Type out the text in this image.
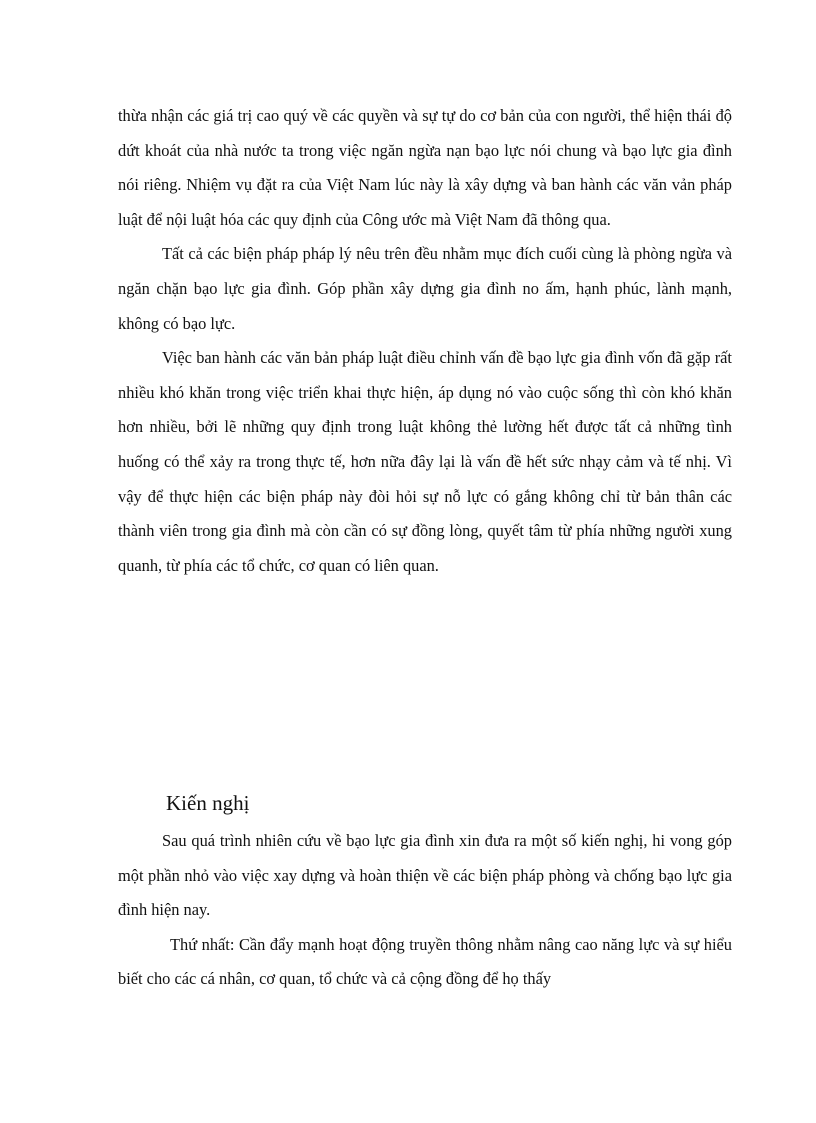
thừa nhận các giá trị cao quý về các quyền và sự tự do cơ bản của con người, thể hiện thái độ dứt khoát của nhà nước ta trong việc ngăn ngừa nạn bạo lực nói chung và bạo lực gia đình nói riêng. Nhiệm vụ đặt ra của Việt Nam lúc này là xây dựng và ban hành các văn vản pháp luật để nội luật hóa các quy định của Công ước mà Việt Nam đã thông qua.

Tất cả các biện pháp pháp lý nêu trên đều nhằm mục đích cuối cùng là phòng ngừa và ngăn chặn bạo lực gia đình. Góp phần xây dựng gia đình no ấm, hạnh phúc, lành mạnh, không có bạo lực.

Việc ban hành các văn bản pháp luật điều chỉnh vấn đề bạo lực gia đình vốn đã gặp rất nhiều khó khăn trong việc triển khai thực hiện, áp dụng nó vào cuộc sống thì còn khó khăn hơn nhiều, bởi lẽ những quy định trong luật không thẻ lường hết được tất cả những tình huống có thể xảy ra trong thực tế, hơn nữa đây lại là vấn đề hết sức nhạy cảm và tế nhị. Vì vậy để thực hiện các biện pháp này đòi hỏi sự nỗ lực có gắng không chỉ từ bản thân các thành viên trong gia đình mà còn cần có sự đồng lòng, quyết tâm từ phía những người xung quanh, từ phía các tổ chức, cơ quan có liên quan.

Kiến nghị

Sau quá trình nhiên cứu về bạo lực gia đình xin đưa ra một số kiến nghị, hi vong góp một phần nhỏ vào việc xay dựng và hoàn thiện về các biện pháp phòng và chống bạo lực gia đình hiện nay.

Thứ nhất: Cần đẩy mạnh hoạt động truyền thông nhằm nâng cao năng lực và sự hiểu biết cho các cá nhân, cơ quan, tổ chức và cả cộng đồng để họ thấy
